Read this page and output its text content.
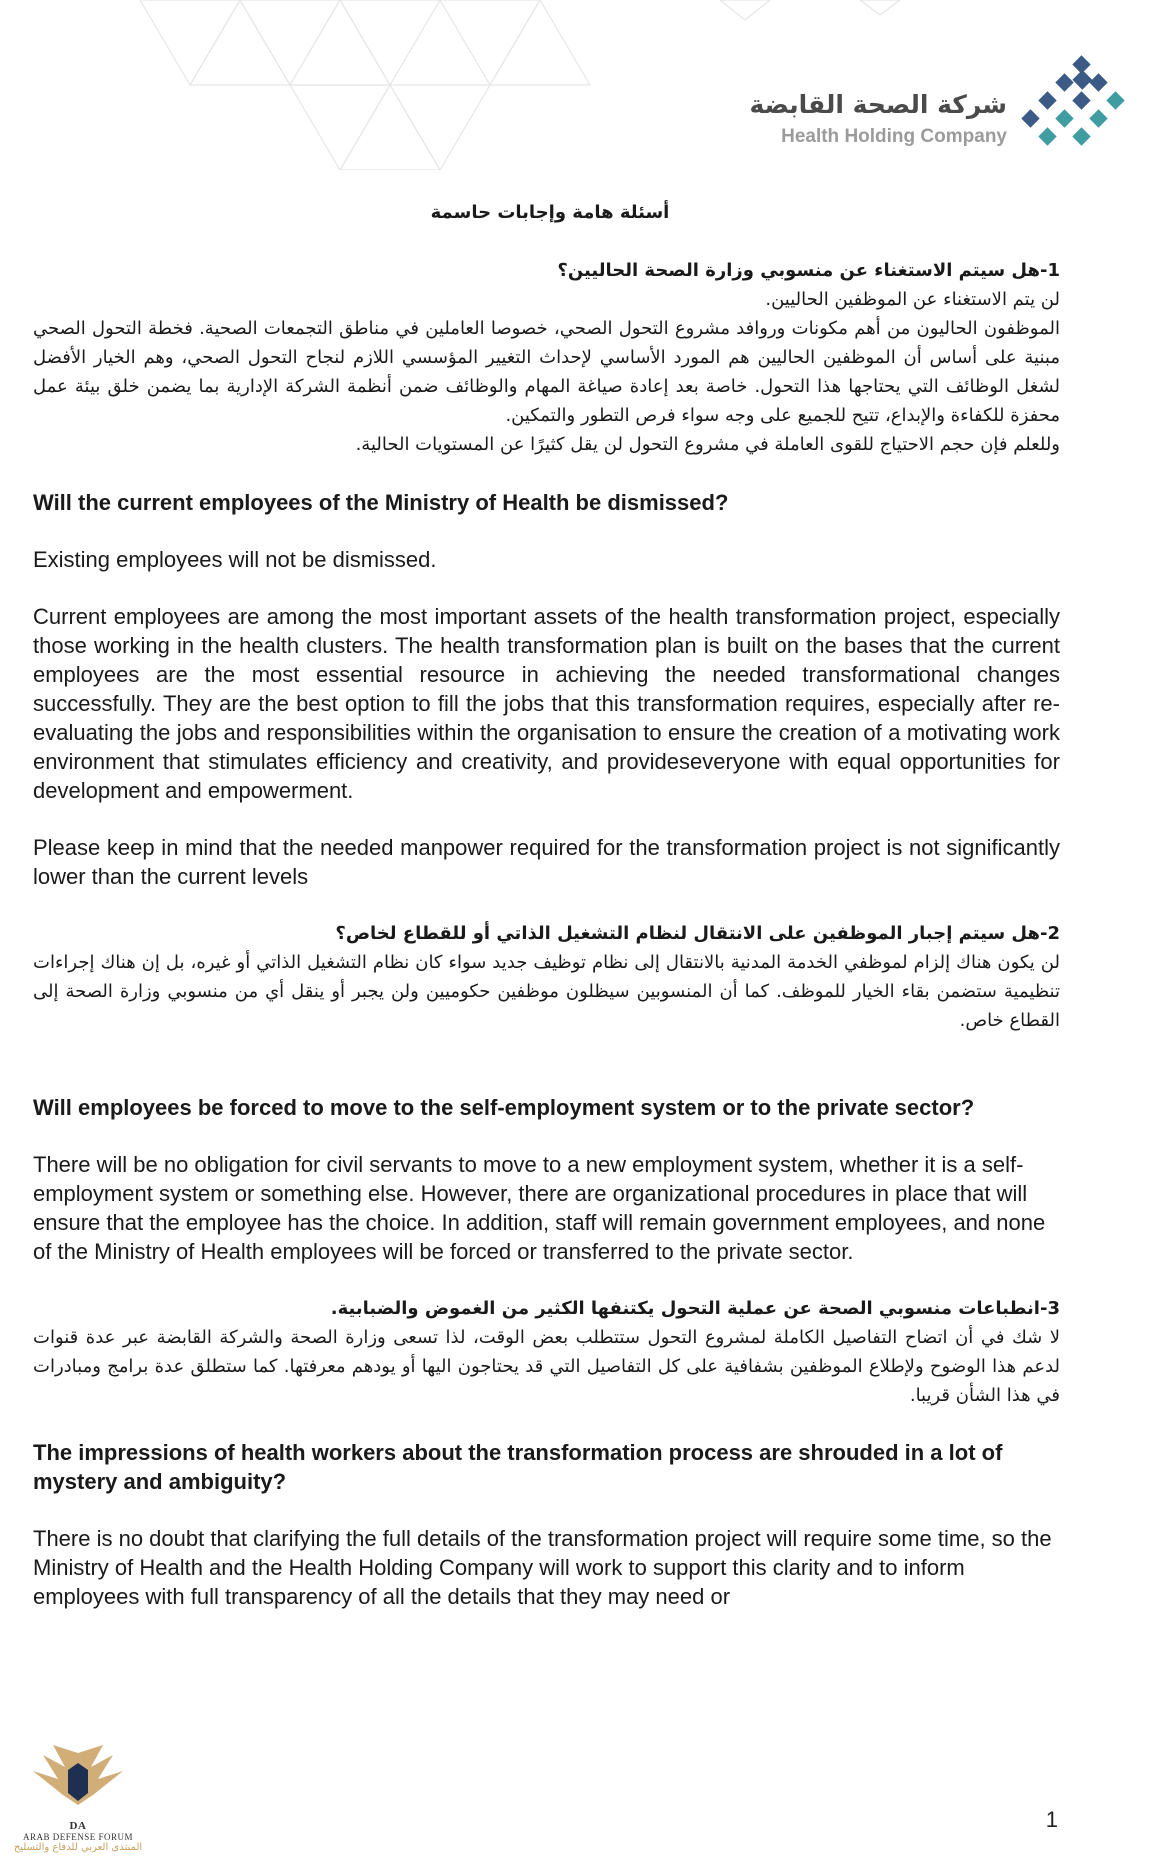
شركة الصحة القابضة
Health Holding Company
أسئلة هامة وإجابات حاسمة

1-هل سيتم الاستغناء عن منسوبي وزارة الصحة الحاليين؟

لن يتم الاستغناء عن الموظفين الحاليين.

الموظفون الحاليون من أهم مكونات وروافد مشروع التحول الصحي، خصوصا العاملين في مناطق التجمعات الصحية. فخطة التحول الصحي مبنية على أساس أن الموظفين الحاليين هم المورد الأساسي لإحداث التغيير المؤسسي اللازم لنجاح التحول الصحي، وهم الخيار الأفضل لشغل الوظائف التي يحتاجها هذا التحول. خاصة بعد إعادة صياغة المهام والوظائف ضمن أنظمة الشركة الإدارية بما يضمن خلق بيئة عمل محفزة للكفاءة والإبداع، تتيح للجميع على وجه سواء فرص التطور والتمكين.

وللعلم فإن حجم الاحتياج للقوى العاملة في مشروع التحول لن يقل كثيرًا عن المستويات الحالية.

Will the current employees of the Ministry of Health be dismissed?

Existing employees will not be dismissed.

Current employees are among the most important assets of the health transformation project, especially those working in the health clusters. The health transformation plan is built on the bases that the current employees are the most essential resource in achieving the needed transformational changes successfully. They are the best option to fill the jobs that this transformation requires, especially after re-evaluating the jobs and responsibilities within the organisation to ensure the creation of a motivating work environment that stimulates efficiency and creativity, and provideseveryone with equal opportunities for development and empowerment.

Please keep in mind that the needed manpower required for the transformation project is not significantly lower than the current levels

2-هل سيتم إجبار الموظفين على الانتقال لنظام التشغيل الذاتي أو للقطاع لخاص؟

لن يكون هناك إلزام لموظفي الخدمة المدنية بالانتقال إلى نظام توظيف جديد سواء كان نظام التشغيل الذاتي أو غيره، بل إن هناك إجراءات تنظيمية ستضمن بقاء الخيار للموظف. كما أن المنسوبين سيظلون موظفين حكوميين ولن يجبر أو ينقل أي من منسوبي وزارة الصحة إلى القطاع خاص.

Will employees be forced to move to the self-employment system or to the private sector?

There will be no obligation for civil servants to move to a new employment system, whether it is a self-employment system or something else. However, there are organizational procedures in place that will ensure that the employee has the choice. In addition, staff will remain government employees, and none of the Ministry of Health employees will be forced or transferred to the private sector.

3-انطباعات منسوبي الصحة عن عملية التحول يكتنفها الكثير من الغموض والضبابية.

لا شك في أن اتضاح التفاصيل الكاملة لمشروع التحول ستتطلب بعض الوقت، لذا تسعى وزارة الصحة والشركة القابضة عبر عدة قنوات لدعم هذا الوضوح ولإطلاع الموظفين بشفافية على كل التفاصيل التي قد يحتاجون اليها أو يودهم معرفتها. كما ستطلق عدة برامج ومبادرات في هذا الشأن قريبا.

The impressions of health workers about the transformation process are shrouded in a lot of mystery and ambiguity?

There is no doubt that clarifying the full details of the transformation project will require some time, so the Ministry of Health and the Health Holding Company will work to support this clarity and to inform employees with full transparency of all the details that they may need or

DA
ARAB DEFENSE FORUM
المنتدى العربي للدفاع والتسليح
1
